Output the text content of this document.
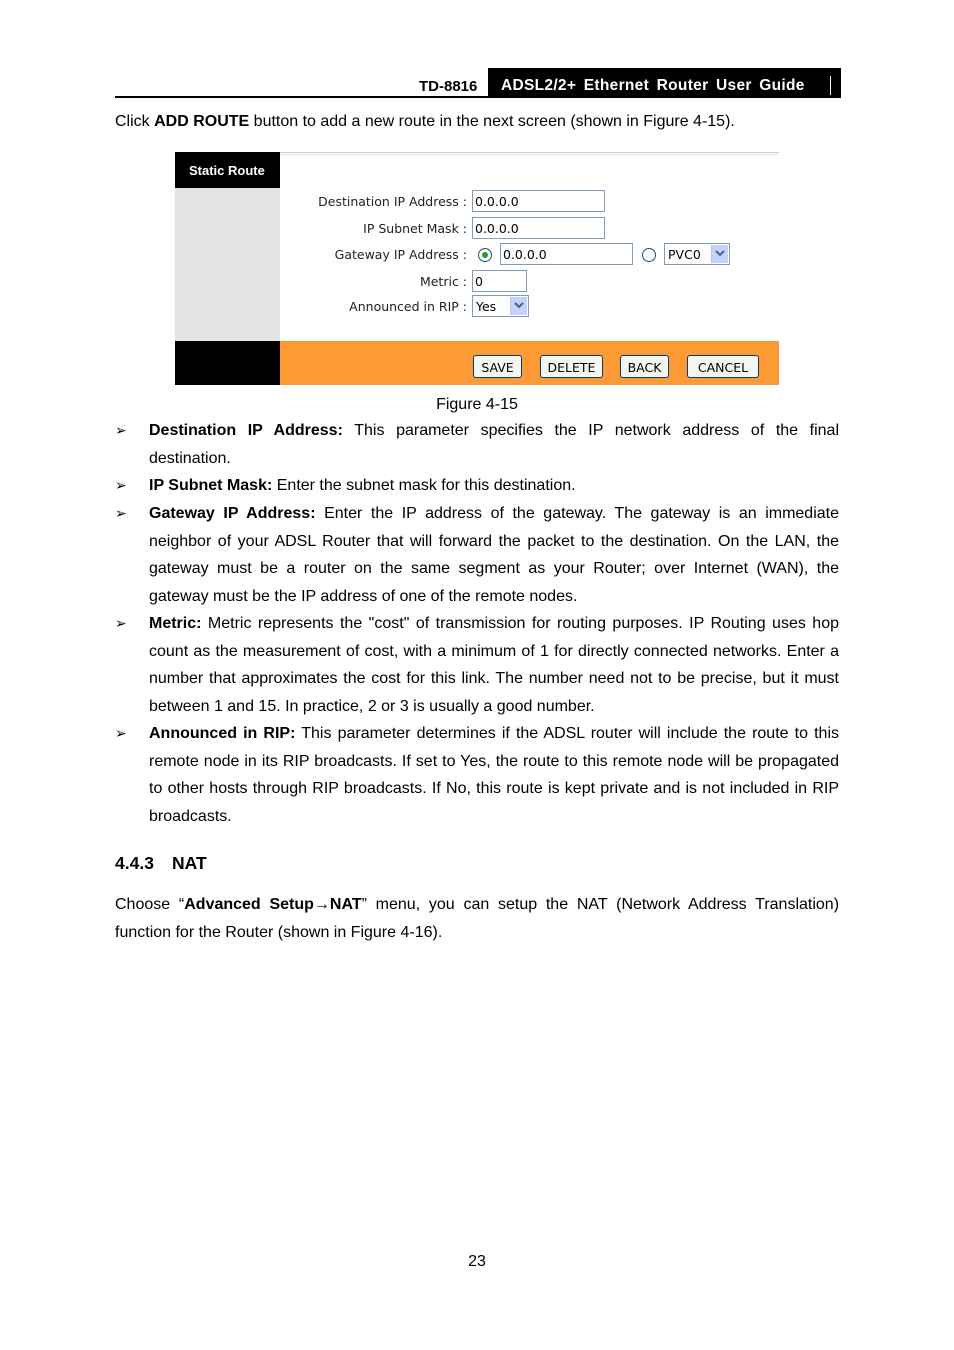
TD-8816	ADSL2/2+ Ethernet Router User Guide
Click ADD ROUTE button to add a new route in the next screen (shown in Figure 4-15).
Static Route
Destination IP Address : 0.0.0.0
IP Subnet Mask : 0.0.0.0
Gateway IP Address :	0.0.0.0	PVC0
Metric : 0
Announced in RIP : Yes
SAVE	DELETE	BACK	CANCEL
Figure 4-15
➢ Destination IP Address: This parameter specifies the IP network address of the final destination.
➢ IP Subnet Mask: Enter the subnet mask for this destination.
➢ Gateway IP Address: Enter the IP address of the gateway. The gateway is an immediate neighbor of your ADSL Router that will forward the packet to the destination. On the LAN, the gateway must be a router on the same segment as your Router; over Internet (WAN), the gateway must be the IP address of one of the remote nodes.
➢ Metric: Metric represents the "cost" of transmission for routing purposes. IP Routing uses hop count as the measurement of cost, with a minimum of 1 for directly connected networks. Enter a number that approximates the cost for this link. The number need not to be precise, but it must between 1 and 15. In practice, 2 or 3 is usually a good number.
➢ Announced in RIP: This parameter determines if the ADSL router will include the route to this remote node in its RIP broadcasts. If set to Yes, the route to this remote node will be propagated to other hosts through RIP broadcasts. If No, this route is kept private and is not included in RIP broadcasts.
4.4.3 NAT
Choose “Advanced Setup→NAT” menu, you can setup the NAT (Network Address Translation) function for the Router (shown in Figure 4-16).
23
